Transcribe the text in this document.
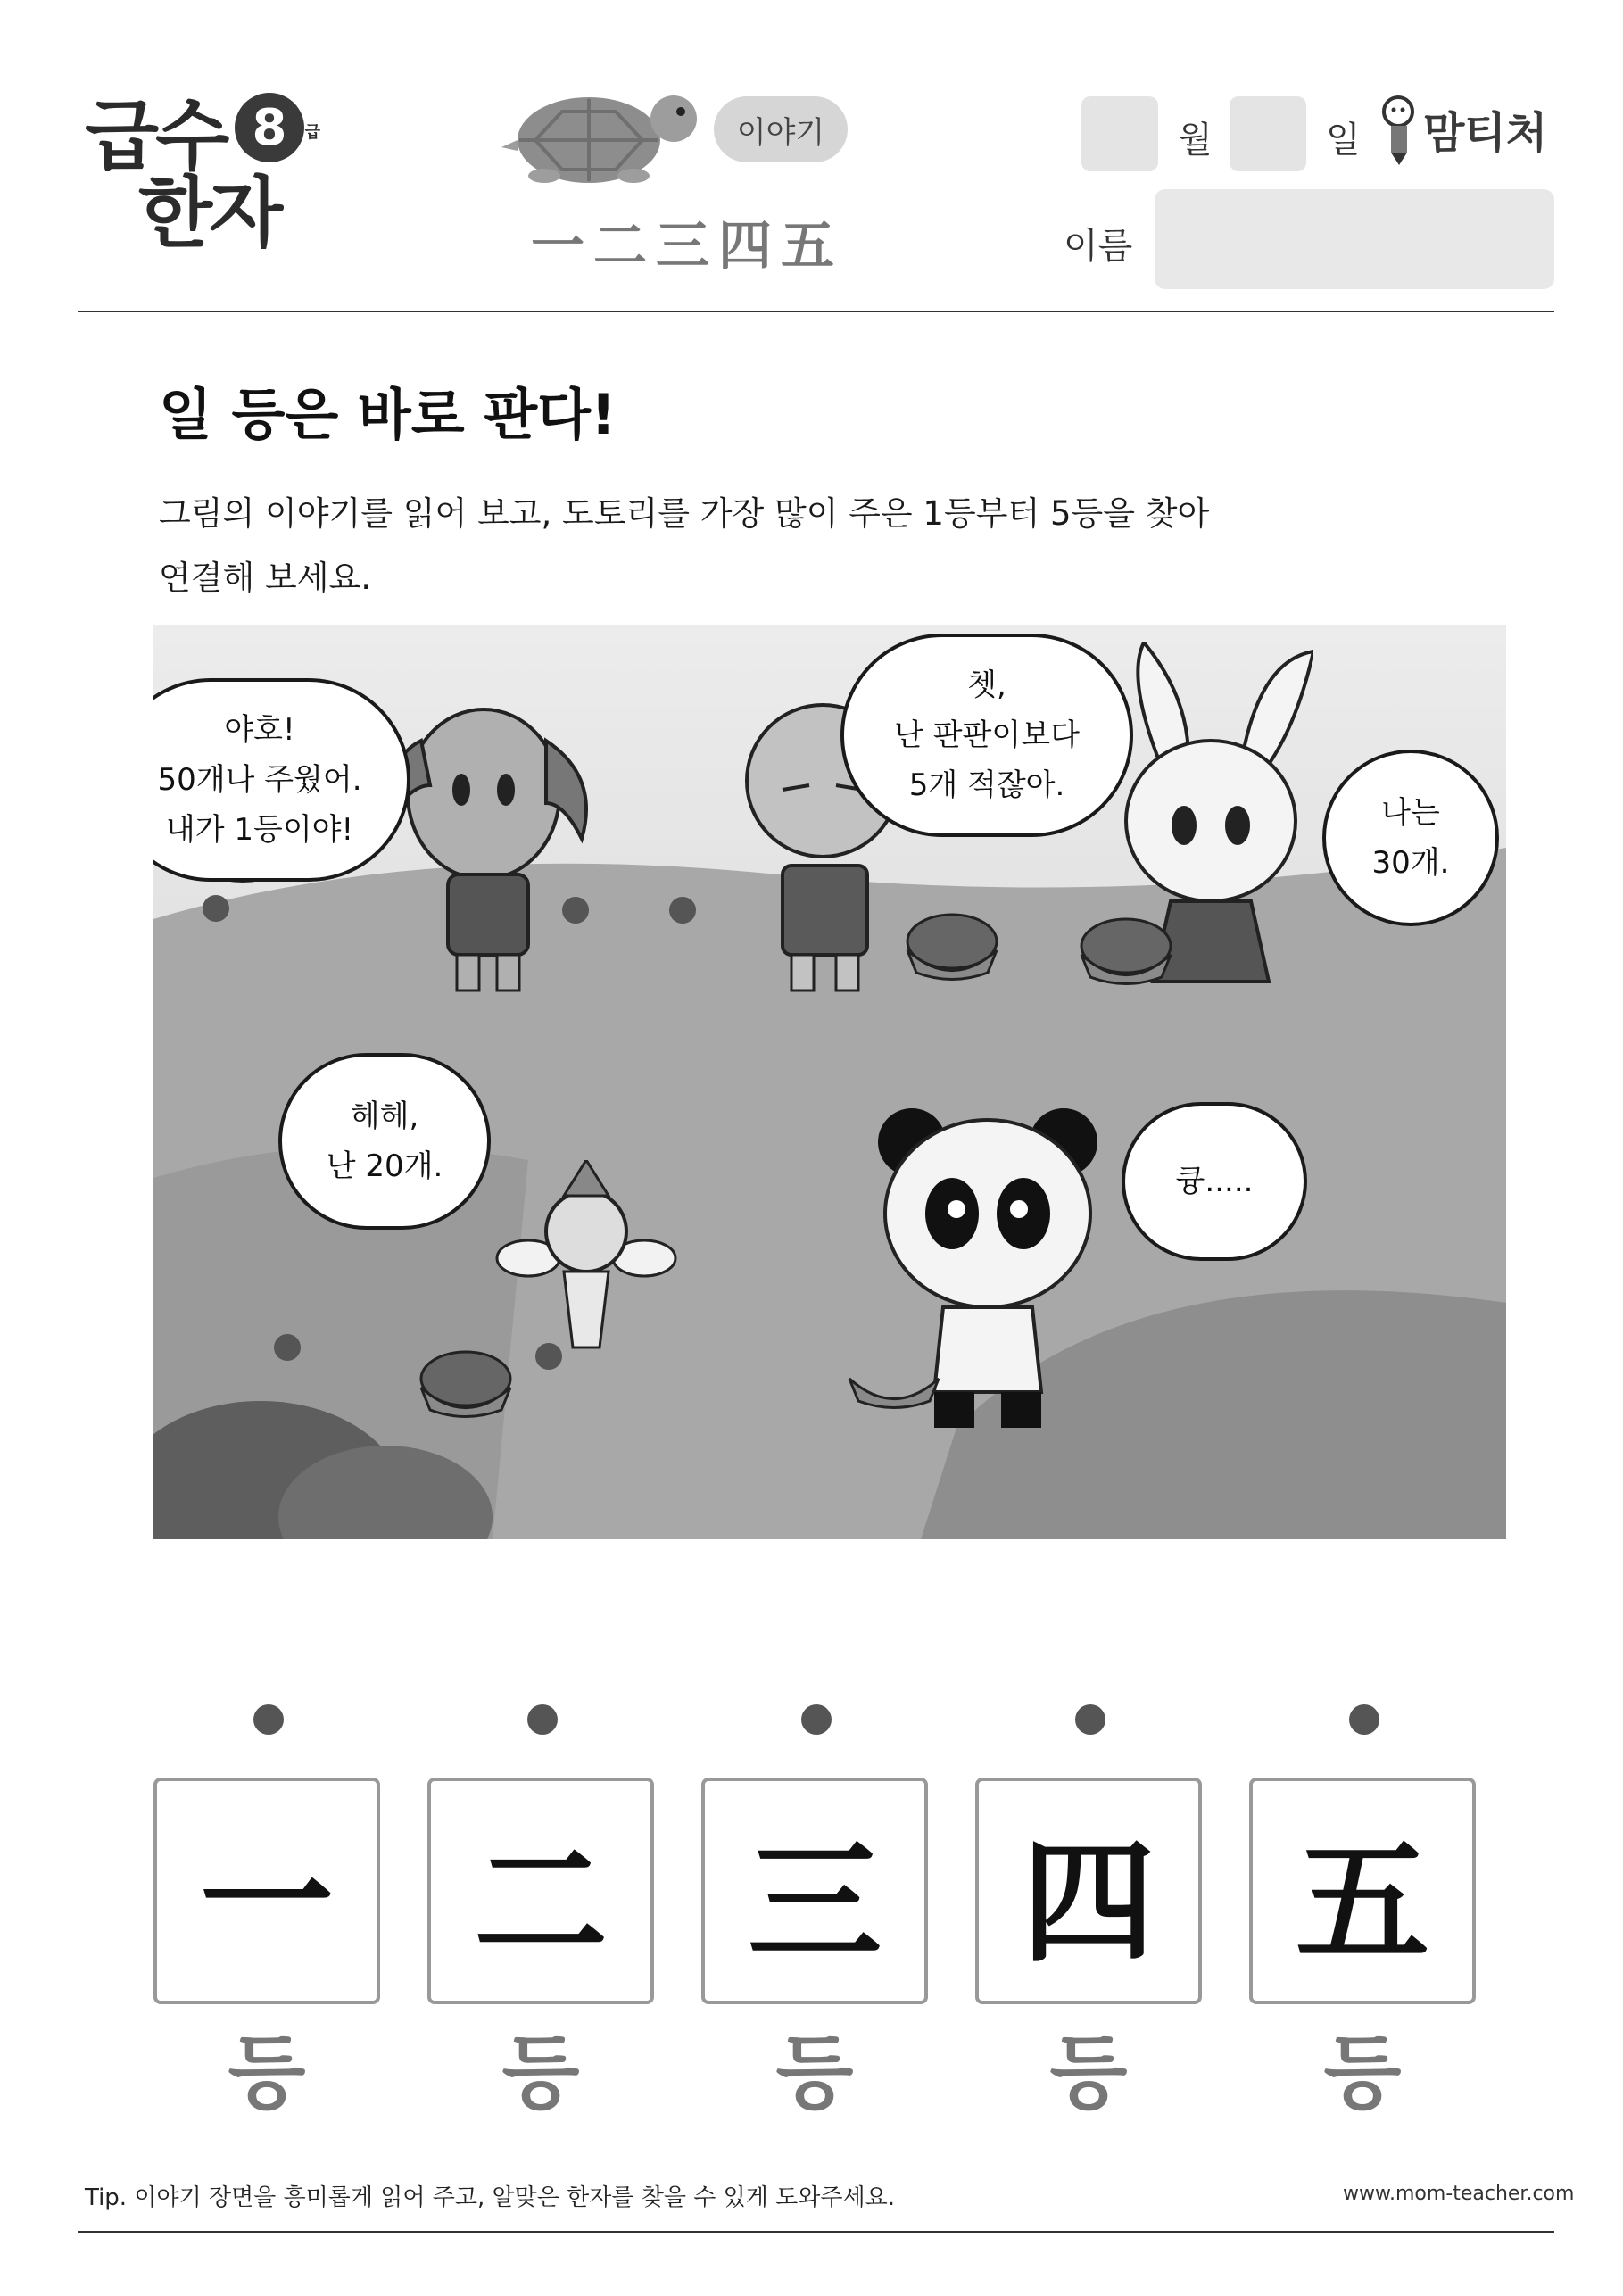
급수
한자
8 급	이야기
一二三四五
월	일 맘티처
이름
일 등은 바로 판다!
그림의 이야기를 읽어 보고, 도토리를 가장 많이 주은 1등부터 5등을 찾아
연결해 보세요.
야호!
50개나 주웠어.
내가 1등이야!
쳇,
난 판판이보다
5개 적잖아.
나는
30개.
헤헤,
난 20개.	큥.....
一
등
二
등
三
등
四
등
五
등
Tip. 이야기 장면을 흥미롭게 읽어 주고, 알맞은 한자를 찾을 수 있게 도와주세요.	www.mom-teacher.com
